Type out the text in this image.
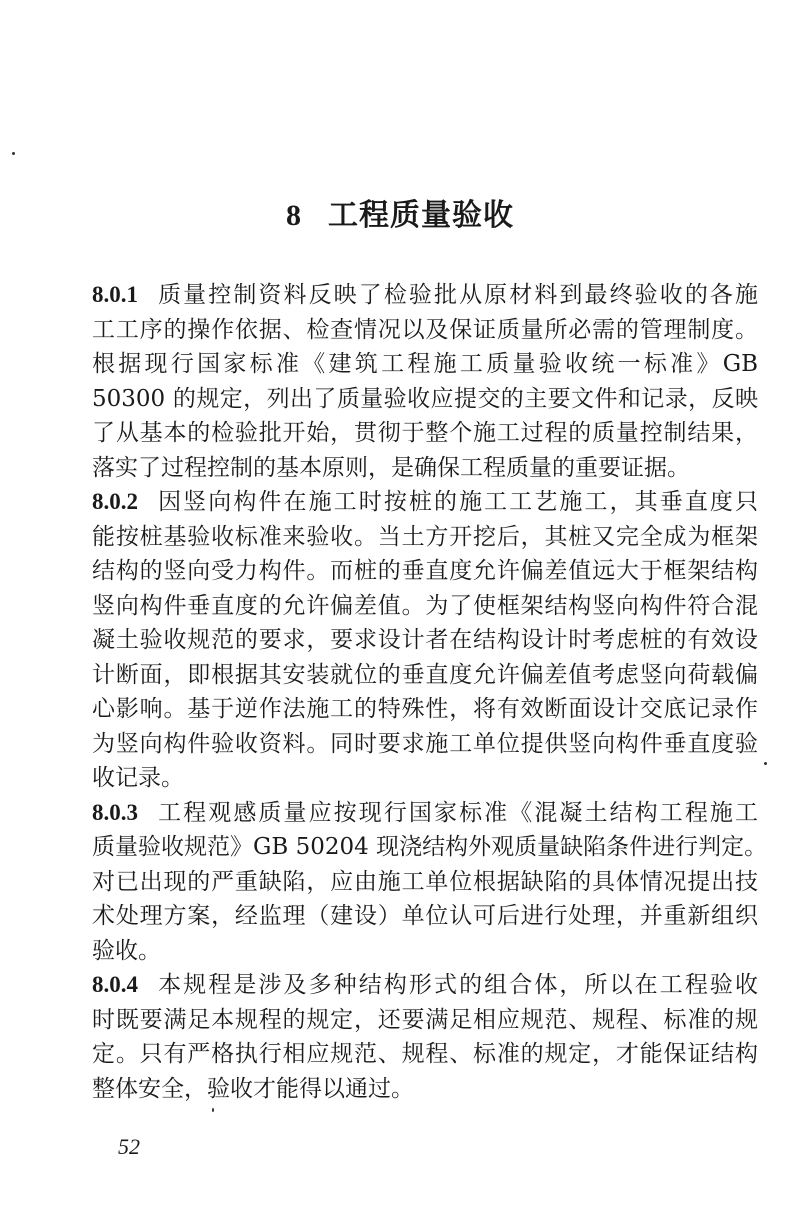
8 工程质量验收
8.0.1 质量控制资料反映了检验批从原材料到最终验收的各施
工工序的操作依据、检查情况以及保证质量所必需的管理制度。
根据现行国家标准《建筑工程施工质量验收统一标准》GB
50300 的规定，列出了质量验收应提交的主要文件和记录，反映
了从基本的检验批开始，贯彻于整个施工过程的质量控制结果，
落实了过程控制的基本原则，是确保工程质量的重要证据。
8.0.2 因竖向构件在施工时按桩的施工工艺施工，其垂直度只
能按桩基验收标准来验收。当土方开挖后，其桩又完全成为框架
结构的竖向受力构件。而桩的垂直度允许偏差值远大于框架结构
竖向构件垂直度的允许偏差值。为了使框架结构竖向构件符合混
凝土验收规范的要求，要求设计者在结构设计时考虑桩的有效设
计断面，即根据其安装就位的垂直度允许偏差值考虑竖向荷载偏
心影响。基于逆作法施工的特殊性，将有效断面设计交底记录作
为竖向构件验收资料。同时要求施工单位提供竖向构件垂直度验
收记录。
8.0.3 工程观感质量应按现行国家标准《混凝土结构工程施工
质量验收规范》GB 50204 现浇结构外观质量缺陷条件进行判定。
对已出现的严重缺陷，应由施工单位根据缺陷的具体情况提出技
术处理方案，经监理（建设）单位认可后进行处理，并重新组织
验收。
8.0.4 本规程是涉及多种结构形式的组合体，所以在工程验收
时既要满足本规程的规定，还要满足相应规范、规程、标准的规
定。只有严格执行相应规范、规程、标准的规定，才能保证结构
整体安全，验收才能得以通过。
52
